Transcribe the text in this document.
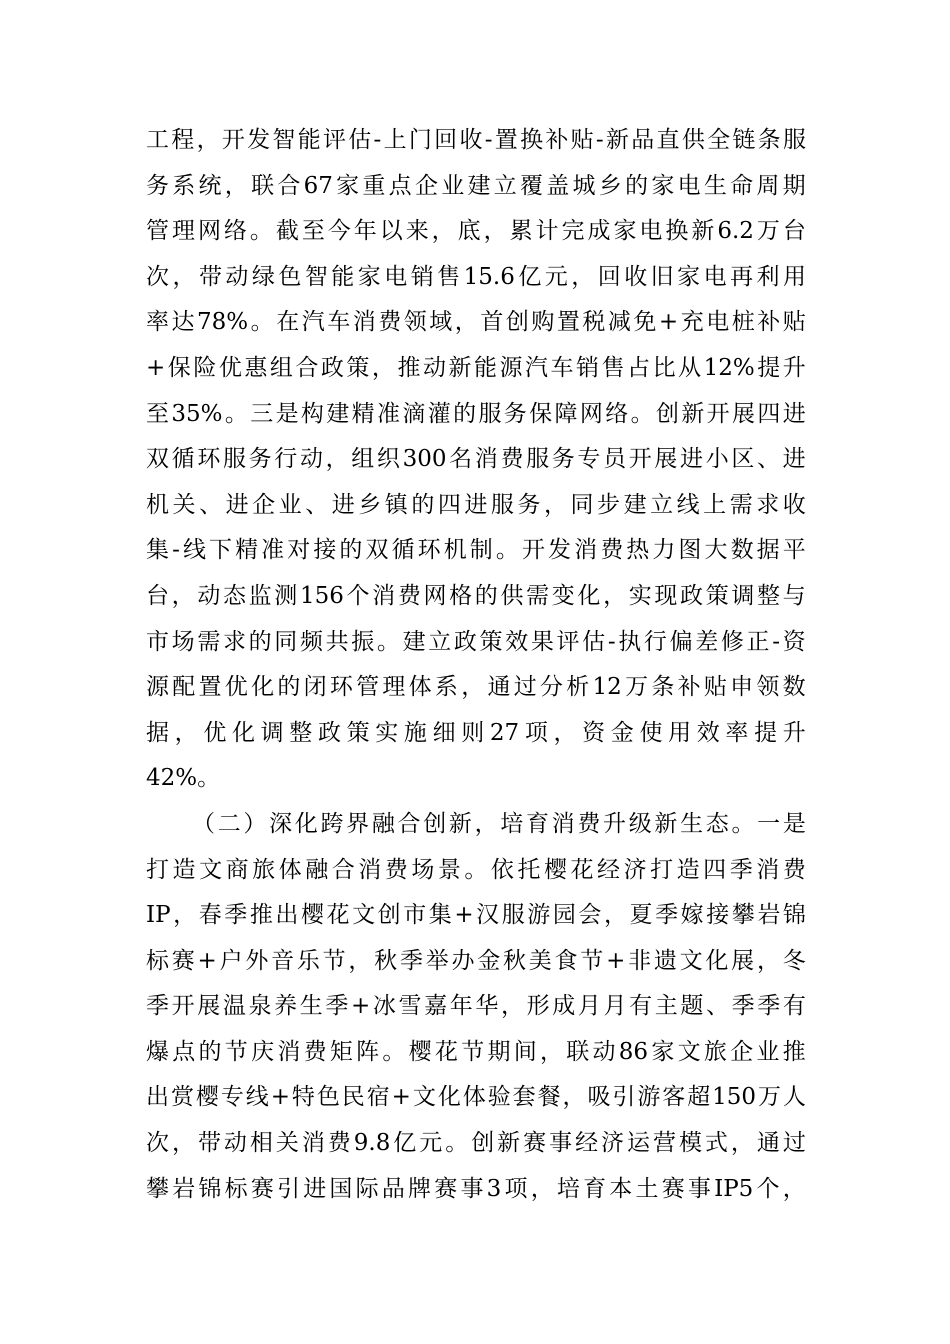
工 程 ， 开 发 智 能 评 估 - 上 门 回 收 - 置 换 补 贴 - 新 品 直 供 全 链 条 服
务 系 统 ， 联 合 67 家 重 点 企 业 建 立 覆 盖 城 乡 的 家 电 生 命 周 期
管 理 网 络 。 截 至 今 年 以 来 ， 底 ， 累 计 完 成 家 电 换 新 6.2 万 台
次 ， 带 动 绿 色 智 能 家 电 销 售 15.6 亿 元 ， 回 收 旧 家 电 再 利 用
率 达 78% 。 在 汽 车 消 费 领 域 ， 首 创 购 置 税 减 免 + 充 电 桩 补 贴
+ 保 险 优 惠 组 合 政 策 ， 推 动 新 能 源 汽 车 销 售 占 比 从 12% 提 升
至 35% 。 三 是 构 建 精 准 滴 灌 的 服 务 保 障 网 络 。 创 新 开 展 四 进
双 循 环 服 务 行 动 ， 组 织 300 名 消 费 服 务 专 员 开 展 进 小 区 、 进
机 关 、 进 企 业 、 进 乡 镇 的 四 进 服 务 ， 同 步 建 立 线 上 需 求 收
集 - 线 下 精 准 对 接 的 双 循 环 机 制 。 开 发 消 费 热 力 图 大 数 据 平
台 ， 动 态 监 测 156 个 消 费 网 格 的 供 需 变 化 ， 实 现 政 策 调 整 与
市 场 需 求 的 同 频 共 振 。 建 立 政 策 效 果 评 估 - 执 行 偏 差 修 正 - 资
源 配 置 优 化 的 闭 环 管 理 体 系 ， 通 过 分 析 12 万 条 补 贴 申 领 数
据 ， 优 化 调 整 政 策 实 施 细 则 27 项 ， 资 金 使 用 效 率 提 升
42% 。
（ 二 ） 深 化 跨 界 融 合 创 新 ， 培 育 消 费 升 级 新 生 态 。 一 是
打 造 文 商 旅 体 融 合 消 费 场 景 。 依 托 樱 花 经 济 打 造 四 季 消 费
IP ， 春 季 推 出 樱 花 文 创 市 集 + 汉 服 游 园 会 ， 夏 季 嫁 接 攀 岩 锦
标 赛 + 户 外 音 乐 节 ， 秋 季 举 办 金 秋 美 食 节 + 非 遗 文 化 展 ， 冬
季 开 展 温 泉 养 生 季 + 冰 雪 嘉 年 华 ， 形 成 月 月 有 主 题 、 季 季 有
爆 点 的 节 庆 消 费 矩 阵 。 樱 花 节 期 间 ， 联 动 86 家 文 旅 企 业 推
出 赏 樱 专 线 + 特 色 民 宿 + 文 化 体 验 套 餐 ， 吸 引 游 客 超 150 万 人
次 ， 带 动 相 关 消 费 9.8 亿 元 。 创 新 赛 事 经 济 运 营 模 式 ， 通 过
攀 岩 锦 标 赛 引 进 国 际 品 牌 赛 事 3 项 ， 培 育 本 土 赛 事 IP5 个 ，
